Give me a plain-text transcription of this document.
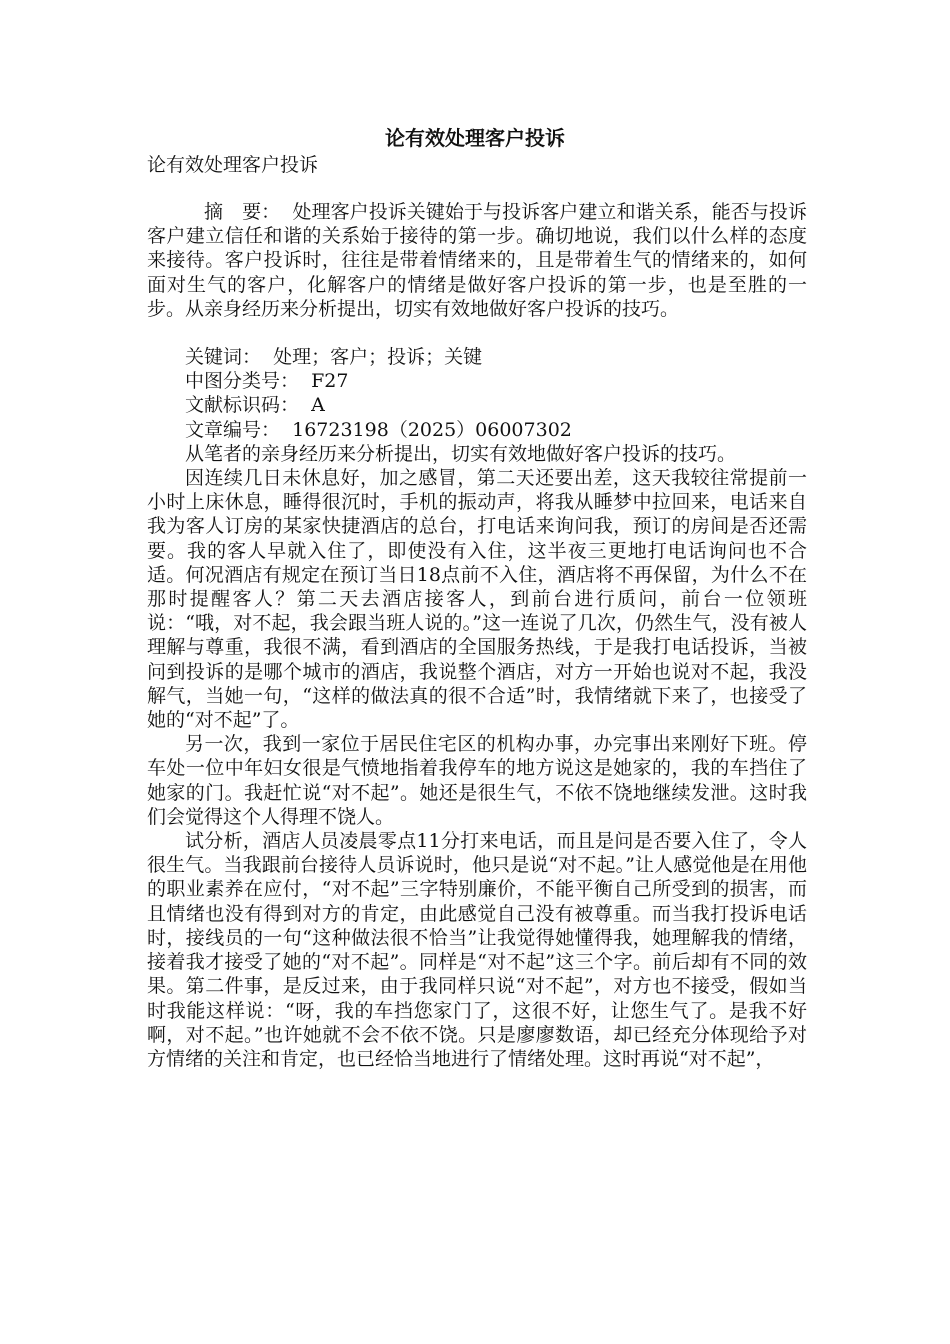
论有效处理客户投诉
论有效处理客户投诉

摘　要： 处理客户投诉关键始于与投诉客户建立和谐关系，能否与投诉客户建立信任和谐的关系始于接待的第一步。确切地说，我们以什么样的态度来接待。客户投诉时，往往是带着情绪来的，且是带着生气的情绪来的，如何面对生气的客户，化解客户的情绪是做好客户投诉的第一步，也是至胜的一步。从亲身经历来分析提出，切实有效地做好客户投诉的技巧。

关键词： 处理；客户；投诉；关键

中图分类号： F27

文献标识码： A

文章编号： 16723198（2025）06007302

从笔者的亲身经历来分析提出，切实有效地做好客户投诉的技巧。

因连续几日未休息好，加之感冒，第二天还要出差，这天我较往常提前一小时上床休息，睡得很沉时，手机的振动声，将我从睡梦中拉回来，电话来自我为客人订房的某家快捷酒店的总台，打电话来询问我，预订的房间是否还需要。我的客人早就入住了，即使没有入住，这半夜三更地打电话询问也不合适。何况酒店有规定在预订当日18点前不入住，酒店将不再保留，为什么不在那时提醒客人？第二天去酒店接客人，到前台进行质问，前台一位领班说：“哦，对不起，我会跟当班人说的。”这一连说了几次，仍然生气，没有被人理解与尊重，我很不满，看到酒店的全国服务热线，于是我打电话投诉，当被问到投诉的是哪个城市的酒店，我说整个酒店，对方一开始也说对不起，我没解气，当她一句，“这样的做法真的很不合适”时，我情绪就下来了，也接受了她的“对不起”了。

另一次，我到一家位于居民住宅区的机构办事，办完事出来刚好下班。停车处一位中年妇女很是气愤地指着我停车的地方说这是她家的，我的车挡住了她家的门。我赶忙说“对不起”。她还是很生气，不依不饶地继续发泄。这时我们会觉得这个人得理不饶人。

试分析，酒店人员凌晨零点11分打来电话，而且是问是否要入住了，令人很生气。当我跟前台接待人员诉说时，他只是说“对不起。”让人感觉他是在用他的职业素养在应付，“对不起”三字特别廉价，不能平衡自己所受到的损害，而且情绪也没有得到对方的肯定，由此感觉自己没有被尊重。而当我打投诉电话时，接线员的一句“这种做法很不恰当”让我觉得她懂得我，她理解我的情绪，接着我才接受了她的“对不起”。同样是“对不起”这三个字。前后却有不同的效果。第二件事，是反过来，由于我同样只说“对不起”，对方也不接受，假如当时我能这样说：“呀，我的车挡您家门了，这很不好，让您生气了。是我不好啊，对不起。”也许她就不会不依不饶。只是廖廖数语，却已经充分体现给予对方情绪的关注和肯定，也已经恰当地进行了情绪处理。这时再说“对不起”，
